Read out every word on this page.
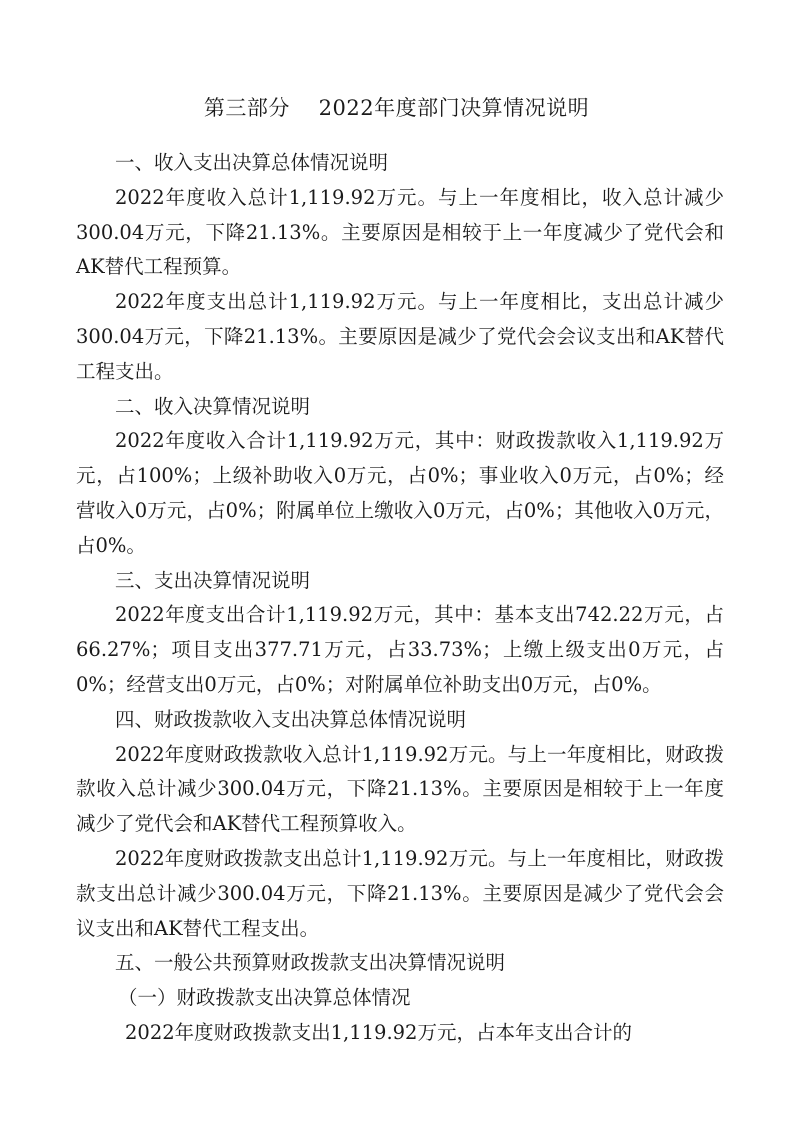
第三部分    2022年度部门决算情况说明

一、收入支出决算总体情况说明

2022年度收入总计1,119.92万元。与上一年度相比，收入总计减少300.04万元，下降21.13%。主要原因是相较于上一年度减少了党代会和AK替代工程预算。

2022年度支出总计1,119.92万元。与上一年度相比，支出总计减少300.04万元，下降21.13%。主要原因是减少了党代会会议支出和AK替代工程支出。

二、收入决算情况说明

2022年度收入合计1,119.92万元，其中：财政拨款收入1,119.92万元，占100%；上级补助收入0万元，占0%；事业收入0万元，占0%；经营收入0万元，占0%；附属单位上缴收入0万元，占0%；其他收入0万元，占0%。

三、支出决算情况说明

2022年度支出合计1,119.92万元，其中：基本支出742.22万元，占66.27%；项目支出377.71万元，占33.73%；上缴上级支出0万元，占0%；经营支出0万元，占0%；对附属单位补助支出0万元，占0%。

四、财政拨款收入支出决算总体情况说明

2022年度财政拨款收入总计1,119.92万元。与上一年度相比，财政拨款收入总计减少300.04万元，下降21.13%。主要原因是相较于上一年度减少了党代会和AK替代工程预算收入。

2022年度财政拨款支出总计1,119.92万元。与上一年度相比，财政拨款支出总计减少300.04万元，下降21.13%。主要原因是减少了党代会会议支出和AK替代工程支出。

五、一般公共预算财政拨款支出决算情况说明

（一）财政拨款支出决算总体情况

2022年度财政拨款支出1,119.92万元，占本年支出合计的
